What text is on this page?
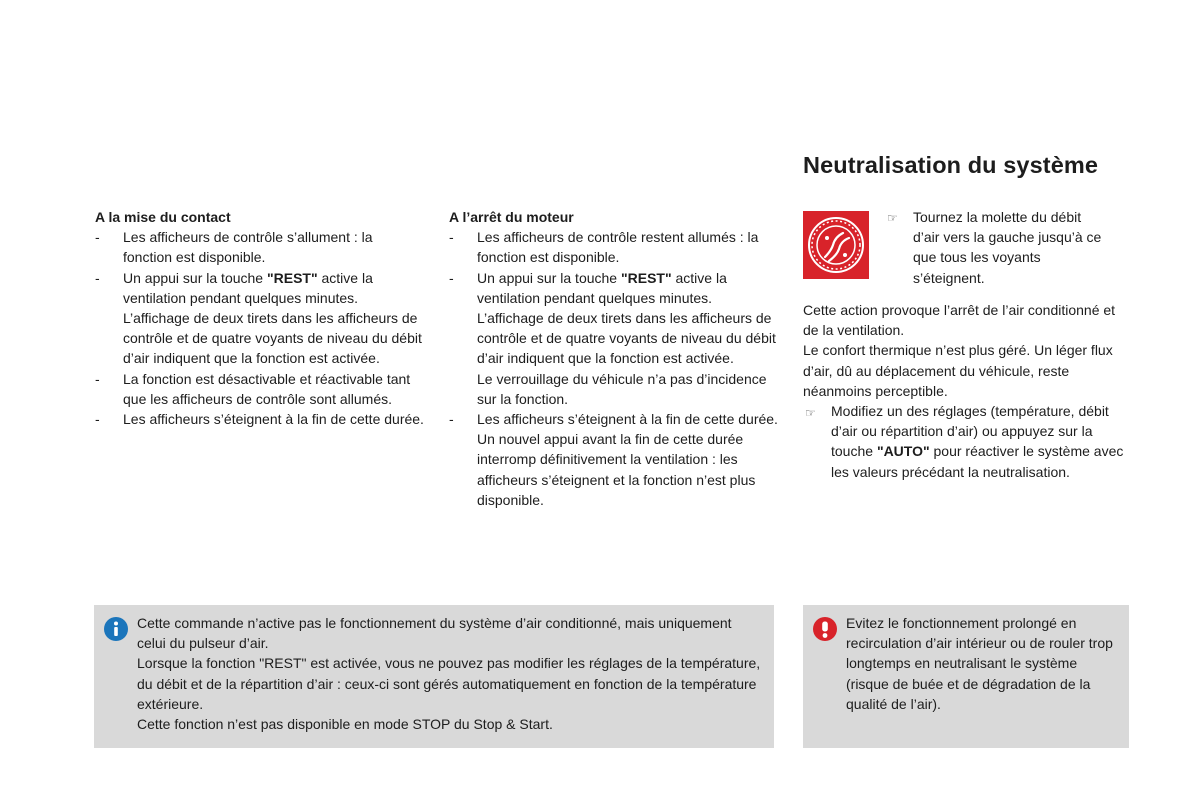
A la mise du contact

- Les afficheurs de contrôle s’allument : la fonction est disponible.
- Un appui sur la touche "REST" active la ventilation pendant quelques minutes. L’affichage de deux tirets dans les afficheurs de contrôle et de quatre voyants de niveau du débit d’air indiquent que la fonction est activée.
- La fonction est désactivable et réactivable tant que les afficheurs de contrôle sont allumés.
- Les afficheurs s’éteignent à la fin de cette durée.

A l’arrêt du moteur

- Les afficheurs de contrôle restent allumés : la fonction est disponible.
- Un appui sur la touche "REST" active la ventilation pendant quelques minutes. L’affichage de deux tirets dans les afficheurs de contrôle et de quatre voyants de niveau du débit d’air indiquent que la fonction est activée.

Le verrouillage du véhicule n’a pas d’incidence sur la fonction.

- Les afficheurs s’éteignent à la fin de cette durée.

Un nouvel appui avant la fin de cette durée interromp définitivement la ventilation : les afficheurs s’éteignent et la fonction n’est plus disponible.

Neutralisation du système
☞	Tournez la molette du débit d’air vers la gauche jusqu’à ce que tous les voyants s’éteignent.

Cette action provoque l’arrêt de l’air conditionné et de la ventilation.

Le confort thermique n’est plus géré. Un léger flux d’air, dû au déplacement du véhicule, reste néanmoins perceptible.

☞ Modifiez un des réglages (température, débit d’air ou répartition d’air) ou appuyez sur la touche "AUTO" pour réactiver le système avec les valeurs précédant la neutralisation.

Cette commande n’active pas le fonctionnement du système d’air conditionné, mais uniquement celui du pulseur d’air.

Lorsque la fonction "REST" est activée, vous ne pouvez pas modifier les réglages de la température, du débit et de la répartition d’air : ceux-ci sont gérés automatiquement en fonction de la température extérieure.

Cette fonction n’est pas disponible en mode STOP du Stop & Start.

Evitez le fonctionnement prolongé en recirculation d’air intérieur ou de rouler trop longtemps en neutralisant le système (risque de buée et de dégradation de la qualité de l’air).
